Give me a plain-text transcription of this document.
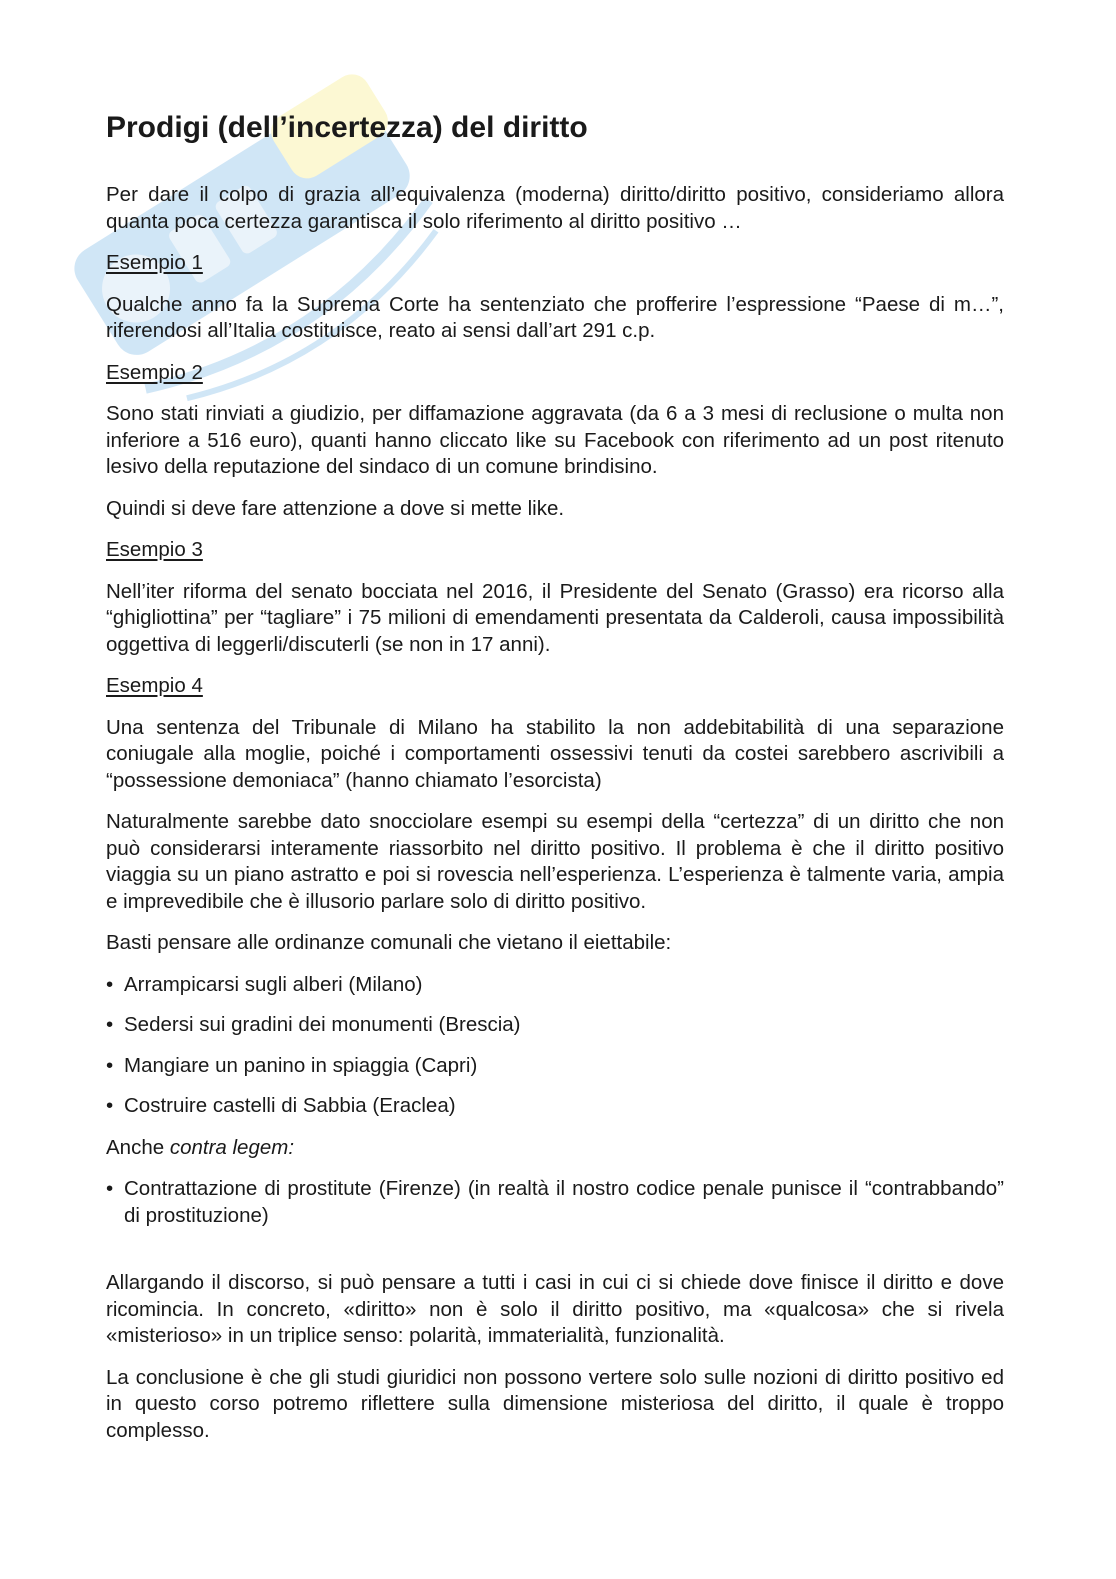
Prodigi (dell’incertezza) del diritto

Per dare il colpo di grazia all’equivalenza (moderna) diritto/diritto positivo, consideriamo allora quanta poca certezza garantisca il solo riferimento al diritto positivo …

Esempio 1

Qualche anno fa la Suprema Corte ha sentenziato che profferire l’espressione “Paese di m…”, riferendosi all’Italia costituisce, reato ai sensi dall’art 291 c.p.

Esempio 2

Sono stati rinviati a giudizio, per diffamazione aggravata (da 6 a 3 mesi di reclusione o multa non inferiore a 516 euro), quanti hanno cliccato like su Facebook con riferimento ad un post ritenuto lesivo della reputazione del sindaco di un comune brindisino.

Quindi si deve fare attenzione a dove si mette like.

Esempio 3

Nell’iter riforma del senato bocciata nel 2016, il Presidente del Senato (Grasso) era ricorso alla “ghigliottina” per “tagliare” i 75 milioni di emendamenti presentata da Calderoli, causa impossibilità oggettiva di leggerli/discuterli (se non in 17 anni).

Esempio 4

Una sentenza del Tribunale di Milano ha stabilito la non addebitabilità di una separazione coniugale alla moglie, poiché i comportamenti ossessivi tenuti da costei sarebbero ascrivibili a “possessione demoniaca” (hanno chiamato l’esorcista)

Naturalmente sarebbe dato snocciolare esempi su esempi della “certezza” di un diritto che non può considerarsi interamente riassorbito nel diritto positivo. Il problema è che il diritto positivo viaggia su un piano astratto e poi si rovescia nell’esperienza. L’esperienza è talmente varia, ampia e imprevedibile che è illusorio parlare solo di diritto positivo.

Basti pensare alle ordinanze comunali che vietano il eiettabile:

• Arrampicarsi sugli alberi (Milano)
• Sedersi sui gradini dei monumenti (Brescia)
• Mangiare un panino in spiaggia (Capri)
• Costruire castelli di Sabbia (Eraclea)

Anche contra legem:

• Contrattazione di prostitute (Firenze) (in realtà il nostro codice penale punisce il “contrabbando” di prostituzione)

Allargando il discorso, si può pensare a tutti i casi in cui ci si chiede dove finisce il diritto e dove ricomincia. In concreto, «diritto» non è solo il diritto positivo, ma «qualcosa» che si rivela «misterioso» in un triplice senso: polarità, immaterialità, funzionalità.

La conclusione è che gli studi giuridici non possono vertere solo sulle nozioni di diritto positivo ed in questo corso potremo riflettere sulla dimensione misteriosa del diritto, il quale è troppo complesso.
